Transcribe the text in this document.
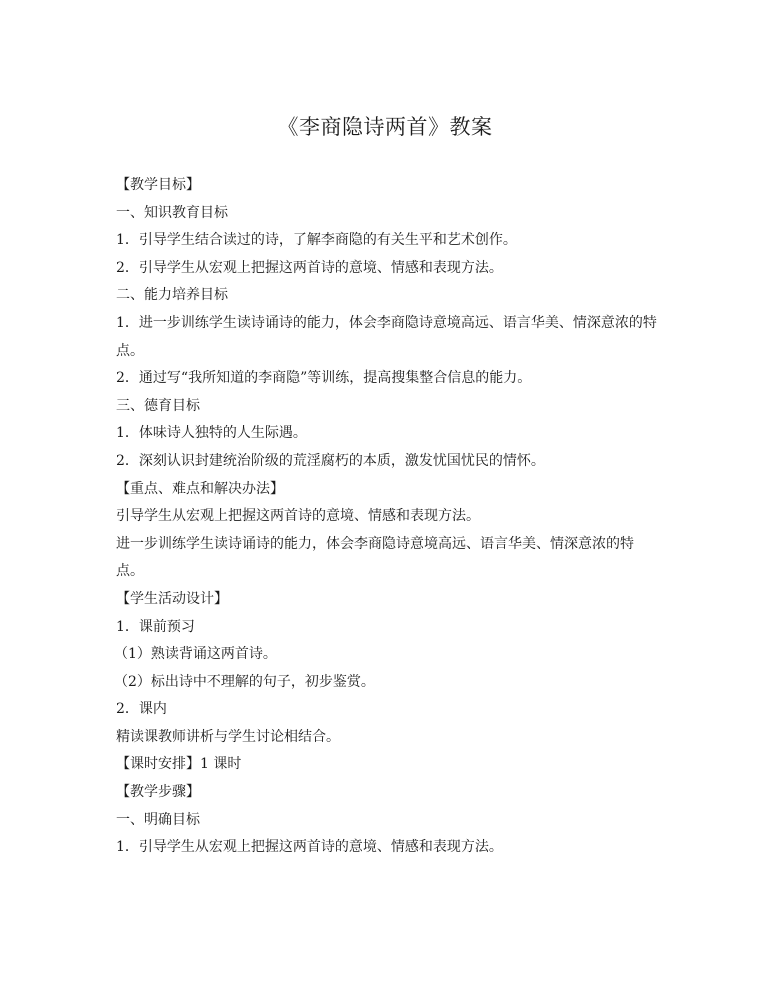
《李商隐诗两首》教案

【教学目标】

一、知识教育目标

1．引导学生结合读过的诗，了解李商隐的有关生平和艺术创作。

2．引导学生从宏观上把握这两首诗的意境、情感和表现方法。

二、能力培养目标

1．进一步训练学生读诗诵诗的能力，体会李商隐诗意境高远、语言华美、情深意浓的特点。

2．通过写“我所知道的李商隐”等训练，提高搜集整合信息的能力。

三、德育目标

1．体味诗人独特的人生际遇。

2．深刻认识封建统治阶级的荒淫腐朽的本质，激发忧国忧民的情怀。

【重点、难点和解决办法】

引导学生从宏观上把握这两首诗的意境、情感和表现方法。

进一步训练学生读诗诵诗的能力，体会李商隐诗意境高远、语言华美、情深意浓的特点。

【学生活动设计】

1．课前预习

（1）熟读背诵这两首诗。

（2）标出诗中不理解的句子，初步鉴赏。

2．课内

精读课教师讲析与学生讨论相结合。

【课时安排】1 课时

【教学步骤】

一、明确目标

1．引导学生从宏观上把握这两首诗的意境、情感和表现方法。
